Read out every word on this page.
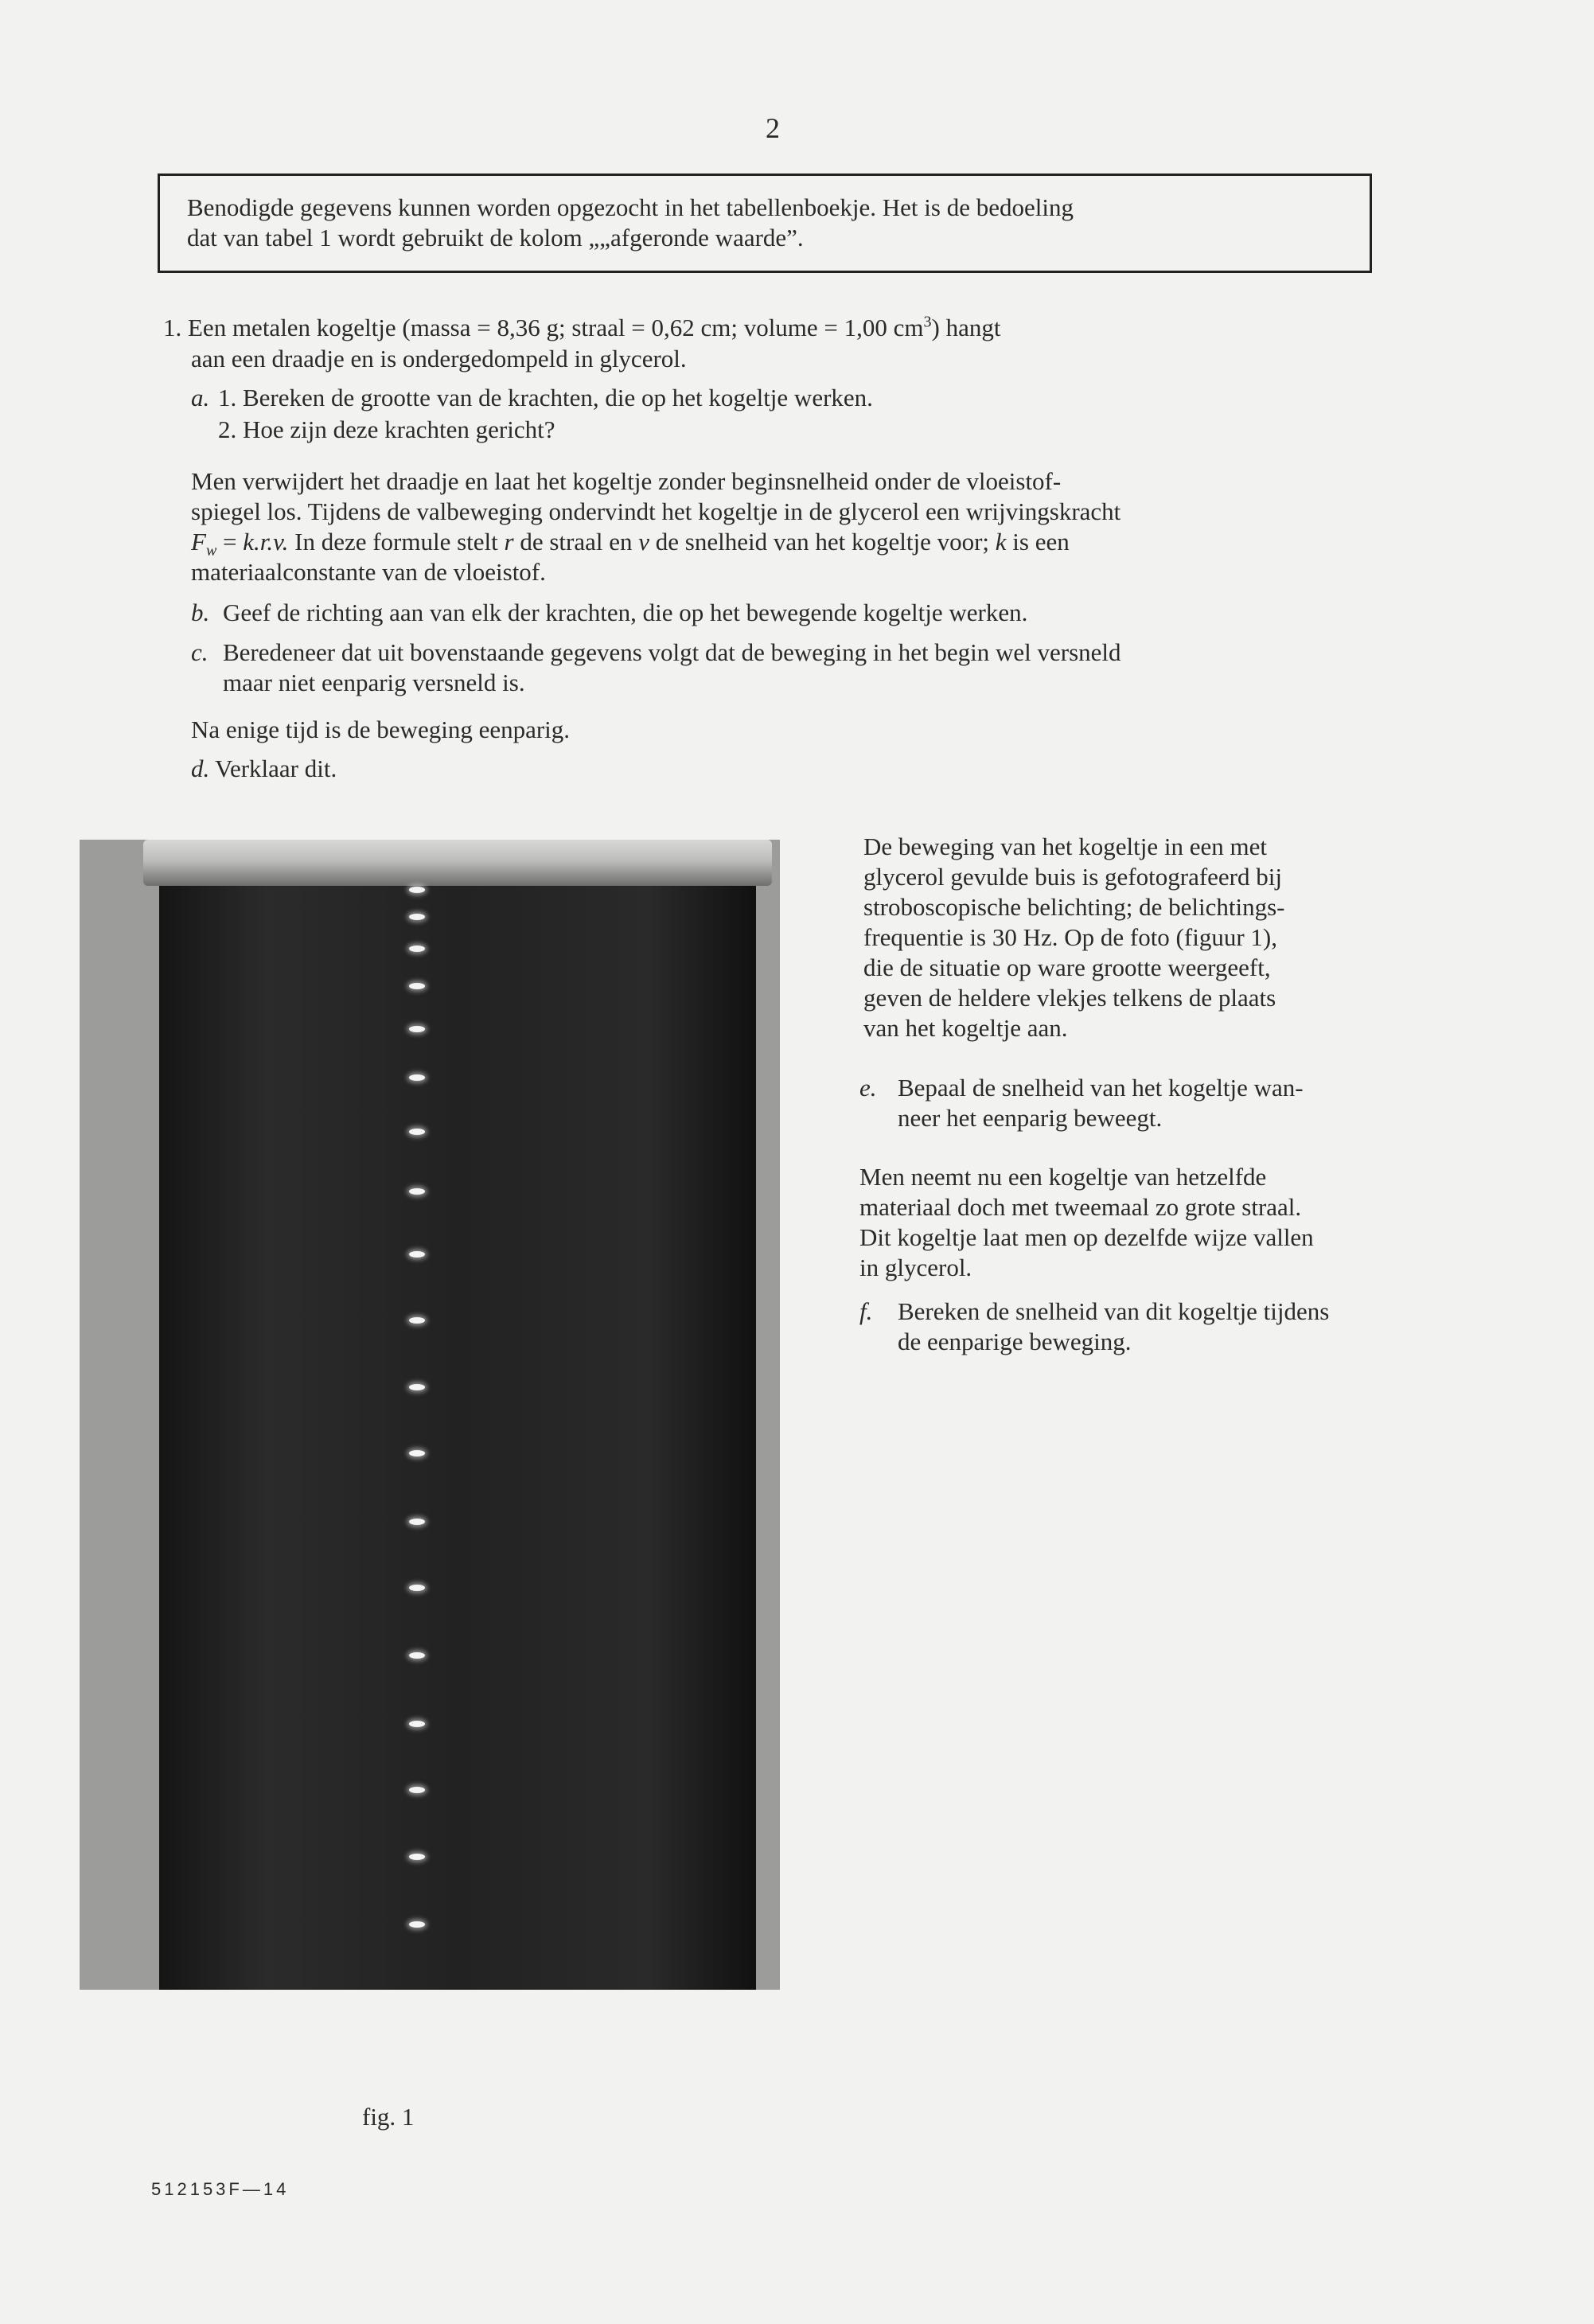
2
Benodigde gegevens kunnen worden opgezocht in het tabellenboekje. Het is de bedoeling
dat van tabel 1 wordt gebruikt de kolom „„afgeronde waarde”.
1. Een metalen kogeltje (massa = 8,36 g; straal = 0,62 cm; volume = 1,00 $cm^3$) hangt
aan een draadje en is ondergedompeld in glycerol.
a. 1. Bereken de grootte van de krachten, die op het kogeltje werken.
2. Hoe zijn deze krachten gericht?
Men verwijdert het draadje en laat het kogeltje zonder beginsnelheid onder de vloeistof-
spiegel los. Tijdens de valbeweging ondervindt het kogeltje in de glycerol een wrijvingskracht
$F_w = k.r.v$. In deze formule stelt r de straal en v de snelheid van het kogeltje voor; k is een
materiaalconstante van de vloeistof.
b. Geef de richting aan van elk der krachten, die op het bewegende kogeltje werken.
c. Beredeneer dat uit bovenstaande gegevens volgt dat de beweging in het begin wel versneld
maar niet eenparig versneld is.
Na enige tijd is de beweging eenparig.
d. Verklaar dit.
De beweging van het kogeltje in een met
glycerol gevulde buis is gefotografeerd bij
stroboscopische belichting; de belichtings-
frequentie is 30 Hz. Op de foto (figuur 1),
die de situatie op ware grootte weergeeft,
geven de heldere vlekjes telkens de plaats
van het kogeltje aan.
e. Bepaal de snelheid van het kogeltje wan-
neer het eenparig beweegt.
Men neemt nu een kogeltje van hetzelfde
materiaal doch met tweemaal zo grote straal.
Dit kogeltje laat men op dezelfde wijze vallen
in glycerol.
f. Bereken de snelheid van dit kogeltje tijdens
de eenparige beweging.
fig. 1
512153F—14
